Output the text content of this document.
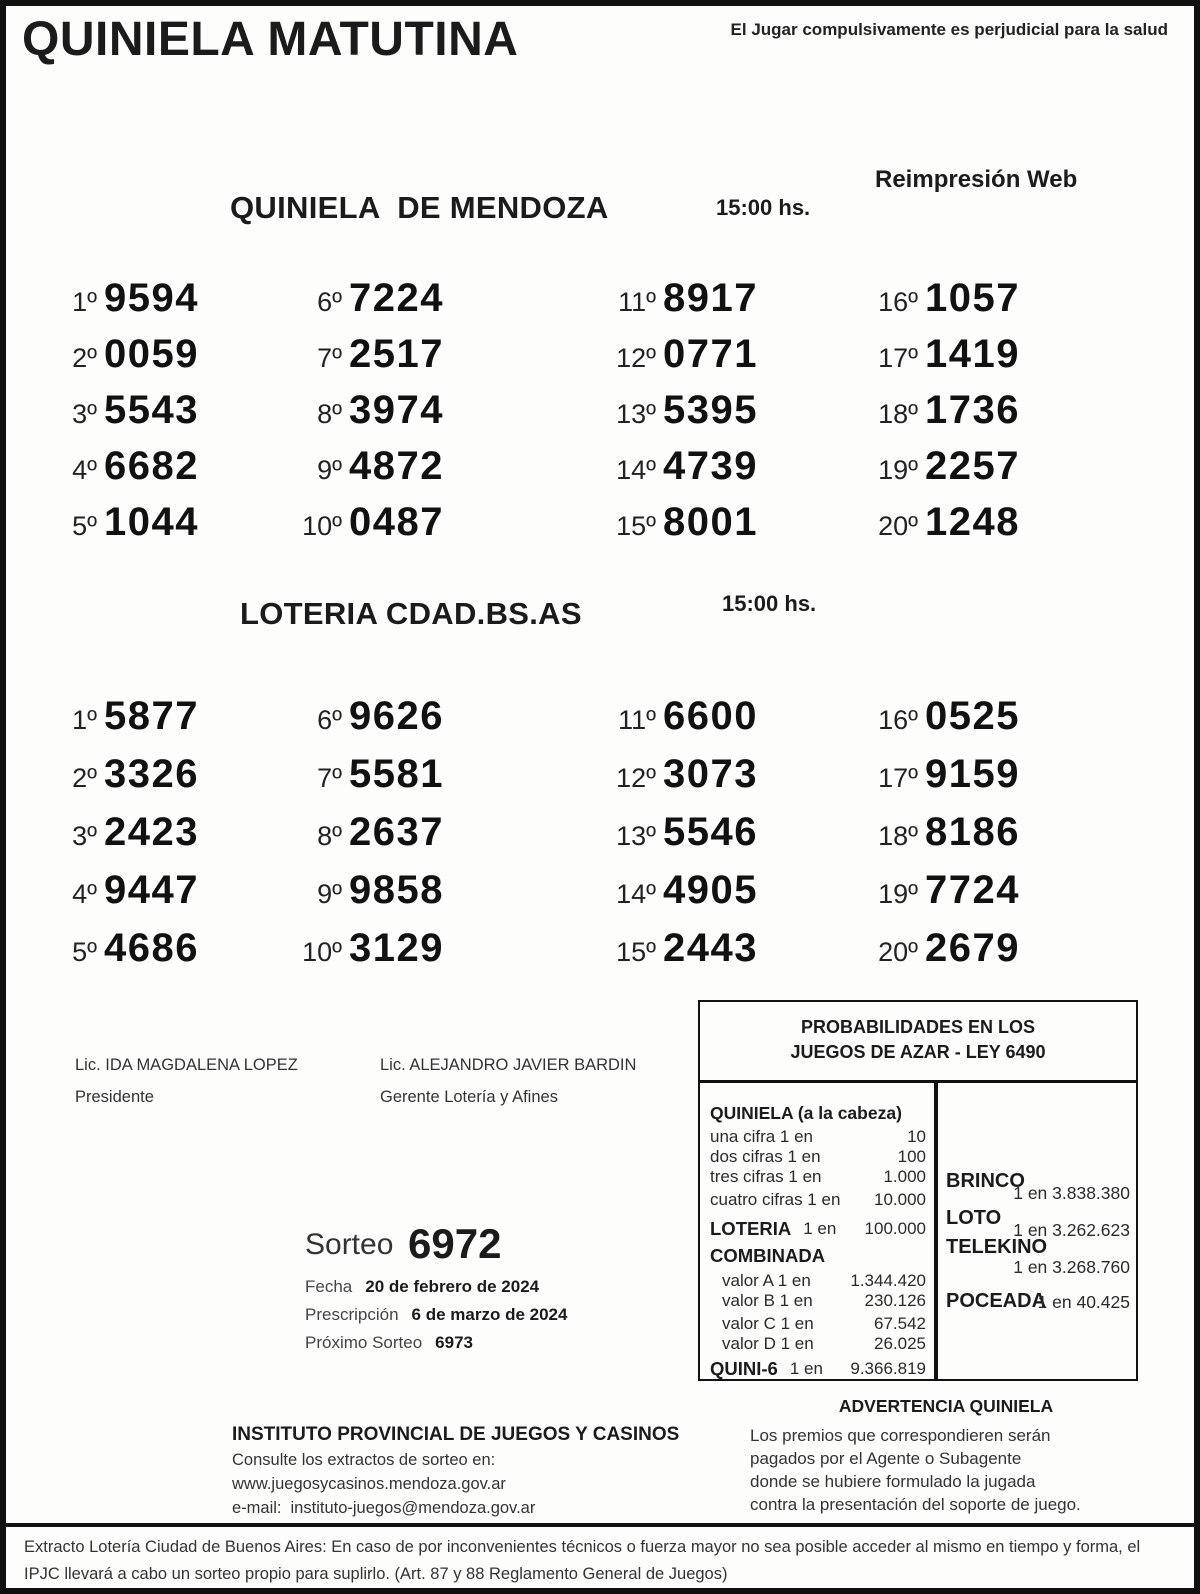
QUINIELA MATUTINA	El Jugar compulsivamente es perjudicial para la salud
QUINIELA  DE MENDOZA	15:00 hs.
Reimpresión Web
1º 9594
2º 0059
3º 5543
4º 6682
5º 1044
6º 7224
7º 2517
8º 3974
9º 4872
10º 0487
11º 8917
12º 0771
13º 5395
14º 4739
15º 8001
16º 1057
17º 1419
18º 1736
19º 2257
20º 1248
LOTERIA CDAD.BS.AS	15:00 hs.
1º 5877
2º 3326
3º 2423
4º 9447
5º 4686
6º 9626
7º 5581
8º 2637
9º 9858
10º 3129
11º 6600
12º 3073
13º 5546
14º 4905
15º 2443
16º 0525
17º 9159
18º 8186
19º 7724
20º 2679
Lic. IDA MAGDALENA LOPEZ
Presidente
Lic. ALEJANDRO JAVIER BARDIN
Gerente Lotería y Afines
PROBABILIDADES EN LOS
JUEGOS DE AZAR - LEY 6490
QUINIELA (a la cabeza)
una cifra 1 en	10
dos cifras 1 en	100
tres cifras 1 en	1.000
cuatro cifras 1 en 10.000
LOTERIA 1 en 100.000
COMBINADA
valor A 1 en 1.344.420
valor B 1 en	230.126
valor C 1 en	67.542
valor D 1 en	26.025
QUINI-6 1 en 9.366.819
BRINCO
1 en 3.838.380
LOTO
1 en 3.262.623
TELEKINO
1 en 3.268.760
POCEADA
1 en 40.425
Sorteo 6972
Fecha 20 de febrero de 2024
Prescripción 6 de marzo de 2024
Próximo Sorteo 6973
ADVERTENCIA QUINIELA
Los premios que correspondieren serán
pagados por el Agente o Subagente
donde se hubiere formulado la jugada
contra la presentación del soporte de juego.
INSTITUTO PROVINCIAL DE JUEGOS Y CASINOS
Consulte los extractos de sorteo en:
www.juegosycasinos.mendoza.gov.ar
e-mail: instituto-juegos@mendoza.gov.ar
Extracto Lotería Ciudad de Buenos Aires: En caso de por inconvenientes técnicos o fuerza mayor no sea posible acceder al mismo en tiempo y forma, el IPJC llevará a cabo un sorteo propio para suplirlo. (Art. 87 y 88 Reglamento General de Juegos)
